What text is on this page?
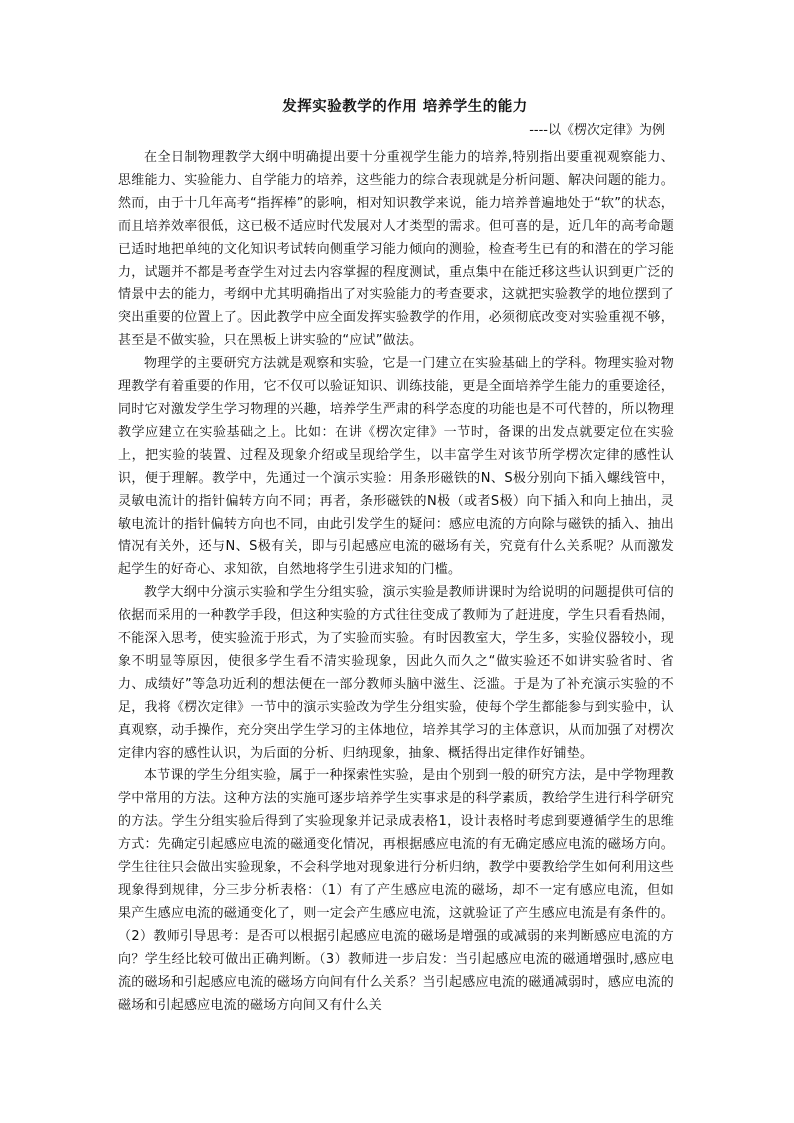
发挥实验教学的作用 培养学生的能力
----以《楞次定律》为例

在全日制物理教学大纲中明确提出要十分重视学生能力的培养,特别指出要重视观察能力、思维能力、实验能力、自学能力的培养，这些能力的综合表现就是分析问题、解决问题的能力。然而，由于十几年高考“指挥棒”的影响，相对知识教学来说，能力培养普遍地处于“软”的状态，而且培养效率很低，这已极不适应时代发展对人才类型的需求。但可喜的是，近几年的高考命题已适时地把单纯的文化知识考试转向侧重学习能力倾向的测验，检查考生已有的和潜在的学习能力，试题并不都是考查学生对过去内容掌握的程度测试，重点集中在能迁移这些认识到更广泛的情景中去的能力，考纲中尤其明确指出了对实验能力的考查要求，这就把实验教学的地位摆到了突出重要的位置上了。因此教学中应全面发挥实验教学的作用，必须彻底改变对实验重视不够，甚至是不做实验，只在黑板上讲实验的“应试”做法。

物理学的主要研究方法就是观察和实验，它是一门建立在实验基础上的学科。物理实验对物理教学有着重要的作用，它不仅可以验证知识、训练技能，更是全面培养学生能力的重要途径，同时它对激发学生学习物理的兴趣，培养学生严肃的科学态度的功能也是不可代替的，所以物理教学应建立在实验基础之上。比如：在讲《楞次定律》一节时，备课的出发点就要定位在实验上，把实验的装置、过程及现象介绍或呈现给学生，以丰富学生对该节所学楞次定律的感性认识，便于理解。教学中，先通过一个演示实验：用条形磁铁的N、S极分别向下插入螺线管中，灵敏电流计的指针偏转方向不同；再者，条形磁铁的N极（或者S极）向下插入和向上抽出，灵敏电流计的指针偏转方向也不同，由此引发学生的疑问：感应电流的方向除与磁铁的插入、抽出情况有关外，还与N、S极有关，即与引起感应电流的磁场有关，究竟有什么关系呢？从而激发起学生的好奇心、求知欲，自然地将学生引进求知的门槛。

教学大纲中分演示实验和学生分组实验，演示实验是教师讲课时为给说明的问题提供可信的依据而采用的一种教学手段，但这种实验的方式往往变成了教师为了赶进度，学生只看看热闹，不能深入思考，使实验流于形式，为了实验而实验。有时因教室大，学生多，实验仪器较小，现象不明显等原因，使很多学生看不清实验现象，因此久而久之“做实验还不如讲实验省时、省力、成绩好”等急功近利的想法便在一部分教师头脑中滋生、泛滥。于是为了补充演示实验的不足，我将《楞次定律》一节中的演示实验改为学生分组实验，使每个学生都能参与到实验中，认真观察，动手操作，充分突出学生学习的主体地位，培养其学习的主体意识，从而加强了对楞次定律内容的感性认识，为后面的分析、归纳现象，抽象、概括得出定律作好铺垫。

本节课的学生分组实验，属于一种探索性实验，是由个别到一般的研究方法，是中学物理教学中常用的方法。这种方法的实施可逐步培养学生实事求是的科学素质，教给学生进行科学研究的方法。学生分组实验后得到了实验现象并记录成表格1，设计表格时考虑到要遵循学生的思维方式：先确定引起感应电流的磁通变化情况，再根据感应电流的有无确定感应电流的磁场方向。学生往往只会做出实验现象，不会科学地对现象进行分析归纳，教学中要教给学生如何利用这些现象得到规律，分三步分析表格：（1）有了产生感应电流的磁场，却不一定有感应电流，但如果产生感应电流的磁通变化了，则一定会产生感应电流，这就验证了产生感应电流是有条件的。（2）教师引导思考：是否可以根据引起感应电流的磁场是增强的或减弱的来判断感应电流的方向？学生经比较可做出正确判断。（3）教师进一步启发：当引起感应电流的磁通增强时,感应电流的磁场和引起感应电流的磁场方向间有什么关系？当引起感应电流的磁通减弱时，感应电流的磁场和引起感应电流的磁场方向间又有什么关
